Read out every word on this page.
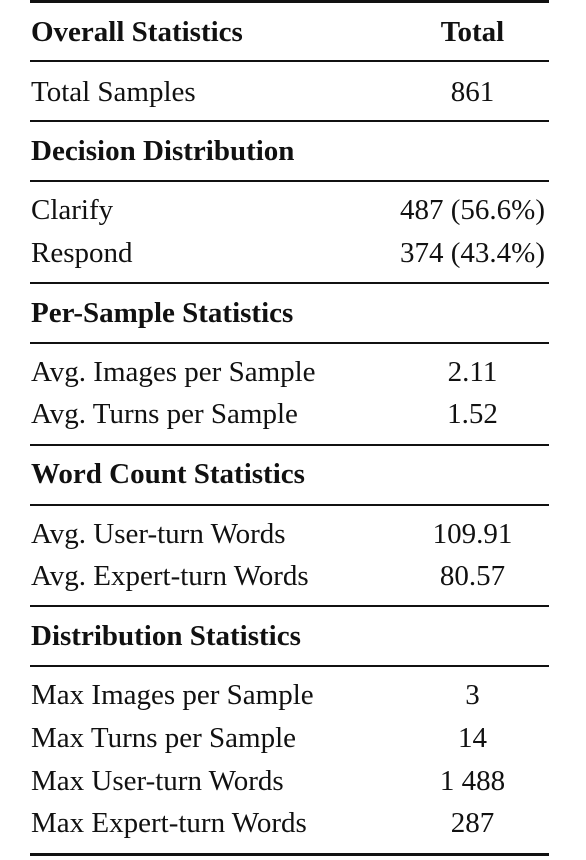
Overall Statistics	Total
Total Samples	861
Decision Distribution
Clarify	487 (56.6%)
Respond	374 (43.4%)
Per-Sample Statistics
Avg. Images per Sample	2.11
Avg. Turns per Sample	1.52
Word Count Statistics
Avg. User-turn Words	109.91
Avg. Expert-turn Words	80.57
Distribution Statistics
Max Images per Sample	3
Max Turns per Sample	14
Max User-turn Words	1 488
Max Expert-turn Words	287
